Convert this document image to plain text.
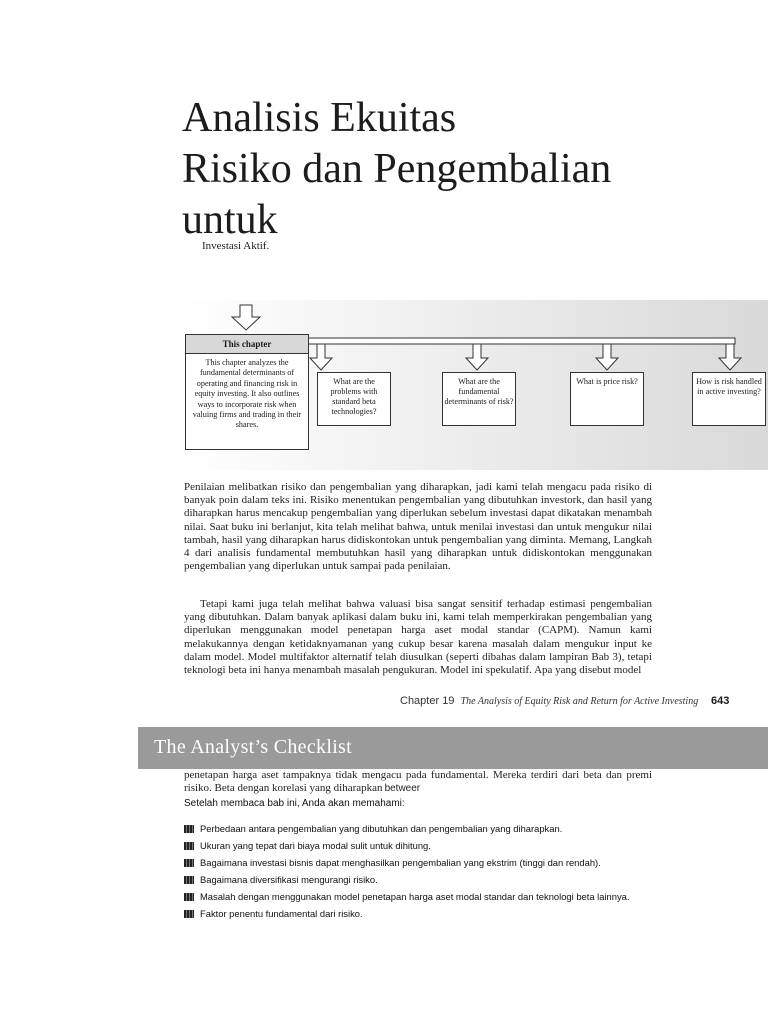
Analisis Ekuitas
Risiko dan Pengembalian
untuk
Investasi Aktif.
This chapter
This chapter analyzes the fundamental determinants of operating and financing risk in equity investing. It also outlines ways to incorporate risk when valuing firms and trading in their shares.
What are the problems with standard beta technologies?
What are the fundamental determinants of risk?
What is price risk?	How is risk handled in active investing?
Penilaian melibatkan risiko dan pengembalian yang diharapkan, jadi kami telah mengacu pada risiko di banyak poin dalam teks ini. Risiko menentukan pengembalian yang dibutuhkan investork, dan hasil yang diharapkan harus mencakup pengembalian yang diperlukan sebelum investasi dapat dikatakan menambah nilai. Saat buku ini berlanjut, kita telah melihat bahwa, untuk menilai investasi dan untuk mengukur nilai tambah, hasil yang diharapkan harus didiskontokan untuk pengembalian yang diminta. Memang, Langkah 4 dari analisis fundamental membutuhkan hasil yang diharapkan untuk didiskontokan menggunakan pengembalian yang diperlukan untuk sampai pada penilaian.
Tetapi kami juga telah melihat bahwa valuasi bisa sangat sensitif terhadap estimasi pengembalian yang dibutuhkan. Dalam banyak aplikasi dalam buku ini, kami telah memperkirakan pengembalian yang diperlukan menggunakan model penetapan harga aset modal standar (CAPM). Namun kami melakukannya dengan ketidaknyamanan yang cukup besar karena masalah dalam mengukur input ke dalam model. Model multifaktor alternatif telah diusulkan (seperti dibahas dalam lampiran Bab 3), tetapi teknologi beta ini hanya menambah masalah pengukuran. Model ini spekulatif. Apa yang disebut model
Chapter 19 The Analysis of Equity Risk and Return for Active Investing 643
The Analyst’s Checklist
penetapan harga aset tampaknya tidak mengacu pada fundamental. Mereka terdiri dari beta dan premi risiko. Beta dengan korelasi yang diharapkan betweer
Setelah membaca bab ini, Anda akan memahami:
Perbedaan antara pengembalian yang dibutuhkan dan pengembalian yang diharapkan.
Ukuran yang tepat dari biaya modal sulit untuk dihitung.
Bagaimana investasi bisnis dapat menghasilkan pengembalian yang ekstrim (tinggi dan rendah).
Bagaimana diversifikasi mengurangi risiko.
Masalah dengan menggunakan model penetapan harga aset modal standar dan teknologi beta lainnya.
Faktor penentu fundamental dari risiko.
